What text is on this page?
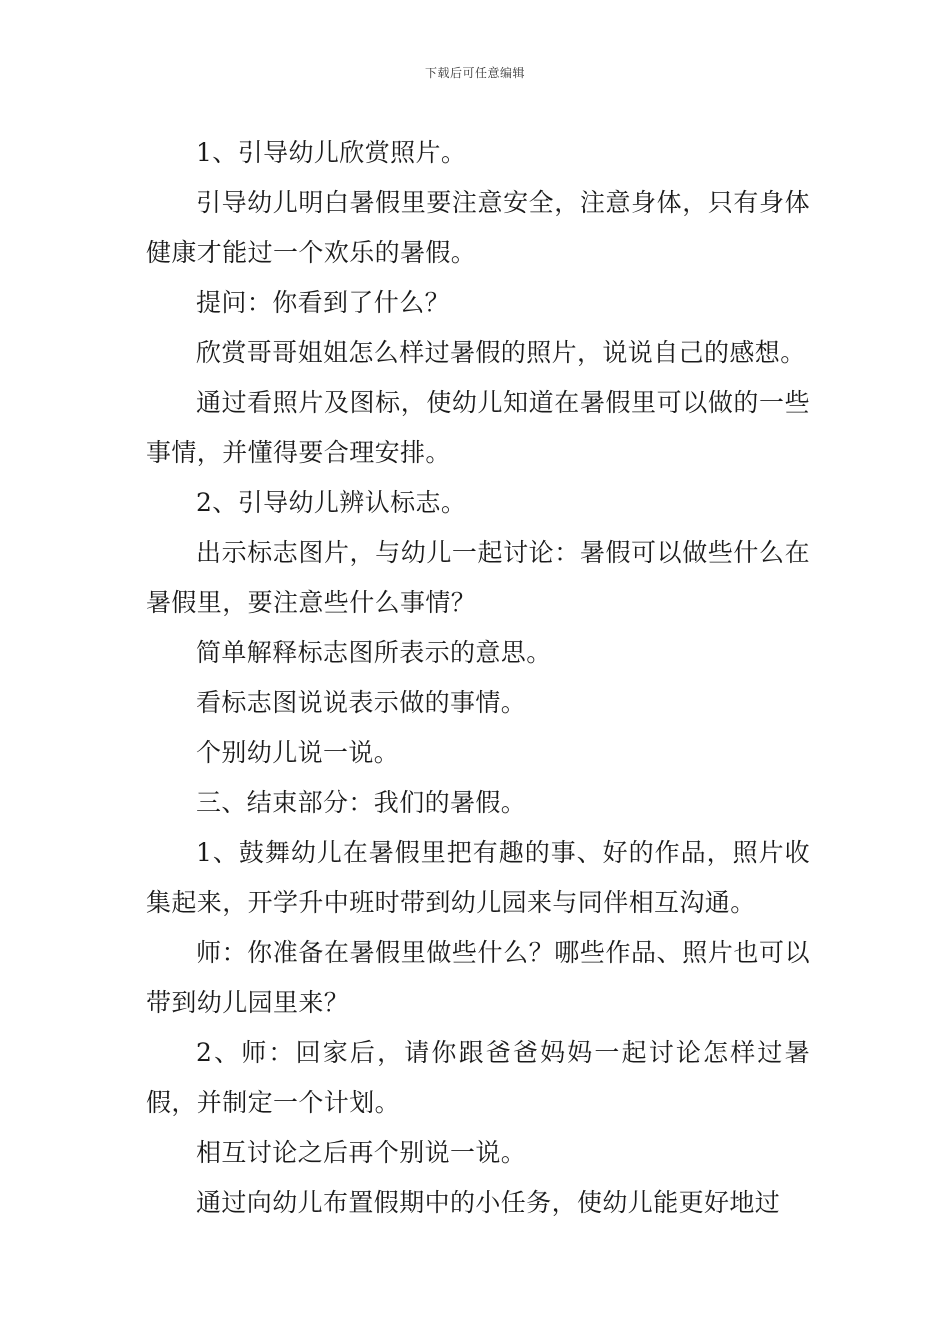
下载后可任意编辑

1、引导幼儿欣赏照片。

引导幼儿明白暑假里要注意安全，注意身体，只有身体健康才能过一个欢乐的暑假。

提问：你看到了什么？

欣赏哥哥姐姐怎么样过暑假的照片，说说自己的感想。

通过看照片及图标，使幼儿知道在暑假里可以做的一些事情，并懂得要合理安排。

2、引导幼儿辨认标志。

出示标志图片，与幼儿一起讨论：暑假可以做些什么在暑假里，要注意些什么事情？

简单解释标志图所表示的意思。

看标志图说说表示做的事情。

个别幼儿说一说。

三、结束部分：我们的暑假。

1、鼓舞幼儿在暑假里把有趣的事、好的作品，照片收集起来，开学升中班时带到幼儿园来与同伴相互沟通。

师：你准备在暑假里做些什么？哪些作品、照片也可以带到幼儿园里来？

2、师：回家后，请你跟爸爸妈妈一起讨论怎样过暑假，并制定一个计划。

相互讨论之后再个别说一说。

通过向幼儿布置假期中的小任务，使幼儿能更好地过
